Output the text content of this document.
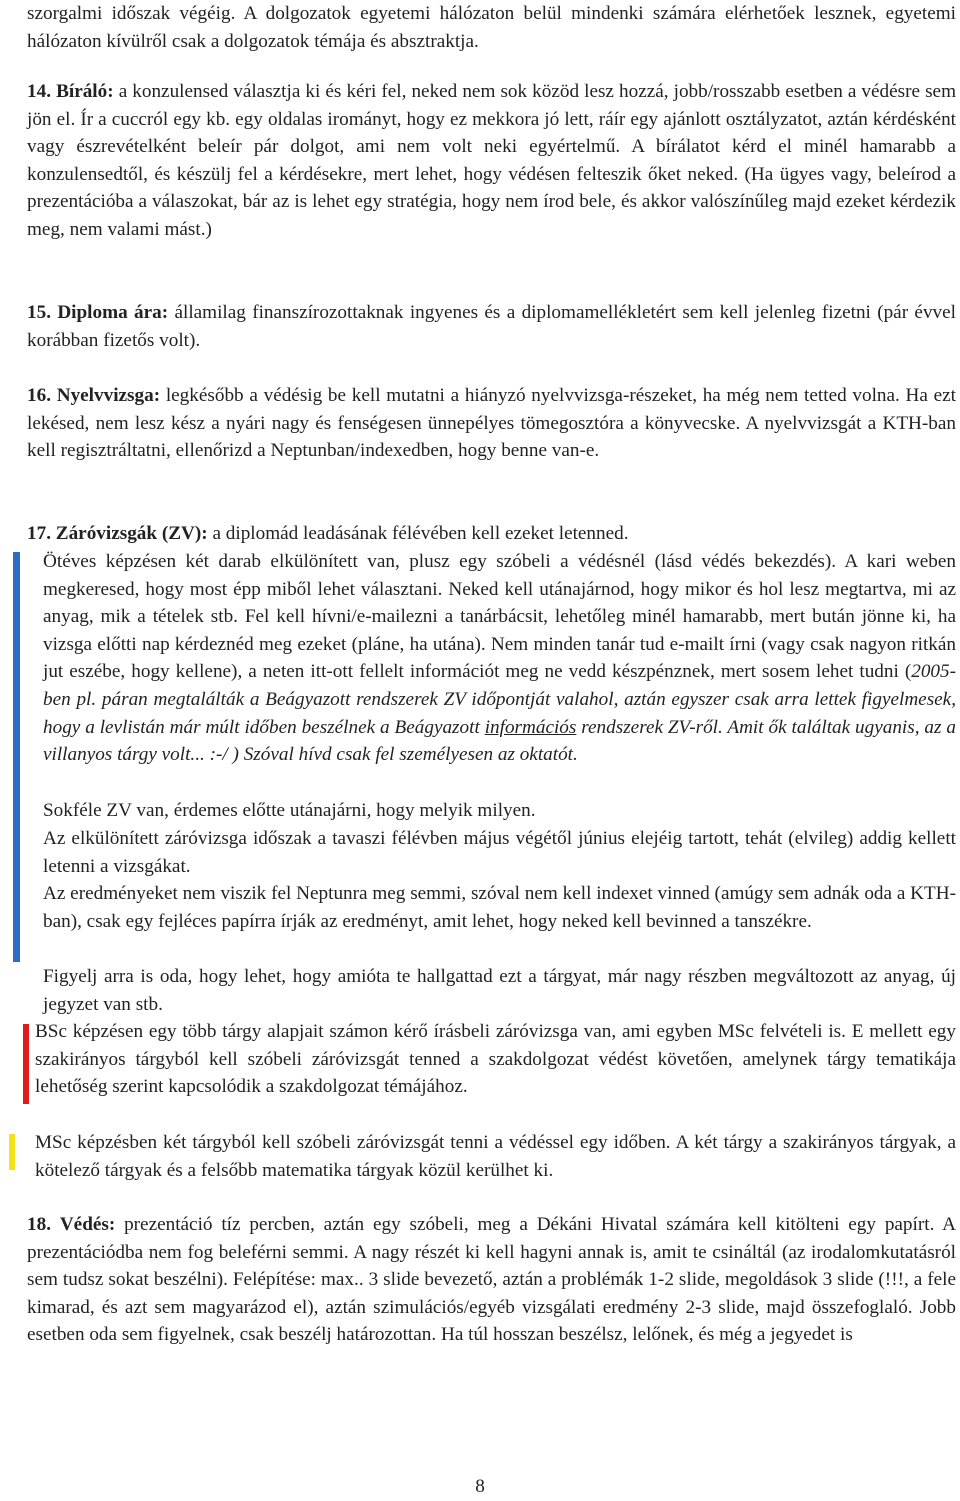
szorgalmi időszak végéig. A dolgozatok egyetemi hálózaton belül mindenki számára elérhetőek lesznek, egyetemi hálózaton kívülről csak a dolgozatok témája és absztraktja.

14. Bíráló: a konzulensed választja ki és kéri fel, neked nem sok közöd lesz hozzá, jobb/rosszabb esetben a védésre sem jön el. Ír a cuccról egy kb. egy oldalas irományt, hogy ez mekkora jó lett, ráír egy ajánlott osztályzatot, aztán kérdésként vagy észrevételként beleír pár dolgot, ami nem volt neki egyértelmű. A bírálatot kérd el minél hamarabb a konzulensedtől, és készülj fel a kérdésekre, mert lehet, hogy védésen felteszik őket neked. (Ha ügyes vagy, beleírod a prezentációba a válaszokat, bár az is lehet egy stratégia, hogy nem írod bele, és akkor valószínűleg majd ezeket kérdezik meg, nem valami mást.)

15. Diploma ára: államilag finanszírozottaknak ingyenes és a diplomamellékletért sem kell jelenleg fizetni (pár évvel korábban fizetős volt).

16. Nyelvvizsga: legkésőbb a védésig be kell mutatni a hiányzó nyelvvizsga-részeket, ha még nem tetted volna. Ha ezt lekésed, nem lesz kész a nyári nagy és fenségesen ünnepélyes tömegosztóra a könyvecske. A nyelvvizsgát a KTH-ban kell regisztráltatni, ellenőrizd a Neptunban/indexedben, hogy benne van-e.

17. Záróvizsgák (ZV): a diplomád leadásának félévében kell ezeket letenned.

Ötéves képzésen két darab elkülönített van, plusz egy szóbeli a védésnél (lásd védés bekezdés). A kari weben megkeresed, hogy most épp miből lehet választani. Neked kell utánajárnod, hogy mikor és hol lesz megtartva, mi az anyag, mik a tételek stb. Fel kell hívni/e-mailezni a tanárbácsit, lehetőleg minél hamarabb, mert bután jönne ki, ha vizsga előtti nap kérdeznéd meg ezeket (pláne, ha utána). Nem minden tanár tud e-mailt írni (vagy csak nagyon ritkán jut eszébe, hogy kellene), a neten itt-ott fellelt információt meg ne vedd készpénznek, mert sosem lehet tudni (2005-ben pl. páran megtalálták a Beágyazott rendszerek ZV időpontját valahol, aztán egyszer csak arra lettek figyelmesek, hogy a levlistán már múlt időben beszélnek a Beágyazott információs rendszerek ZV-ről. Amit ők találtak ugyanis, az a villanyos tárgy volt... :-/ ) Szóval hívd csak fel személyesen az oktatót.

Sokféle ZV van, érdemes előtte utánajárni, hogy melyik milyen.

Az elkülönített záróvizsga időszak a tavaszi félévben május végétől június elejéig tartott, tehát (elvileg) addig kellett letenni a vizsgákat.

Az eredményeket nem viszik fel Neptunra meg semmi, szóval nem kell indexet vinned (amúgy sem adnák oda a KTH-ban), csak egy fejléces papírra írják az eredményt, amit lehet, hogy neked kell bevinned a tanszékre.

Figyelj arra is oda, hogy lehet, hogy amióta te hallgattad ezt a tárgyat, már nagy részben megváltozott az anyag, új jegyzet van stb.

BSc képzésen egy több tárgy alapjait számon kérő írásbeli záróvizsga van, ami egyben MSc felvételi is. E mellett egy szakirányos tárgyból kell szóbeli záróvizsgát tenned a szakdolgozat védést követően, amelynek tárgy tematikája lehetőség szerint kapcsolódik a szakdolgozat témájához.

MSc képzésben két tárgyból kell szóbeli záróvizsgát tenni a védéssel egy időben. A két tárgy a szakirányos tárgyak, a kötelező tárgyak és a felsőbb matematika tárgyak közül kerülhet ki.

18. Védés: prezentáció tíz percben, aztán egy szóbeli, meg a Dékáni Hivatal számára kell kitölteni egy papírt. A prezentációdba nem fog beleférni semmi. A nagy részét ki kell hagyni annak is, amit te csináltál (az irodalomkutatásról sem tudsz sokat beszélni). Felépítése: max.. 3 slide bevezető, aztán a problémák 1-2 slide, megoldások 3 slide (!!!, a fele kimarad, és azt sem magyarázod el), aztán szimulációs/egyéb vizsgálati eredmény 2-3 slide, majd összefoglaló. Jobb esetben oda sem figyelnek, csak beszélj határozottan. Ha túl hosszan beszélsz, lelőnek, és még a jegyedet is

8
